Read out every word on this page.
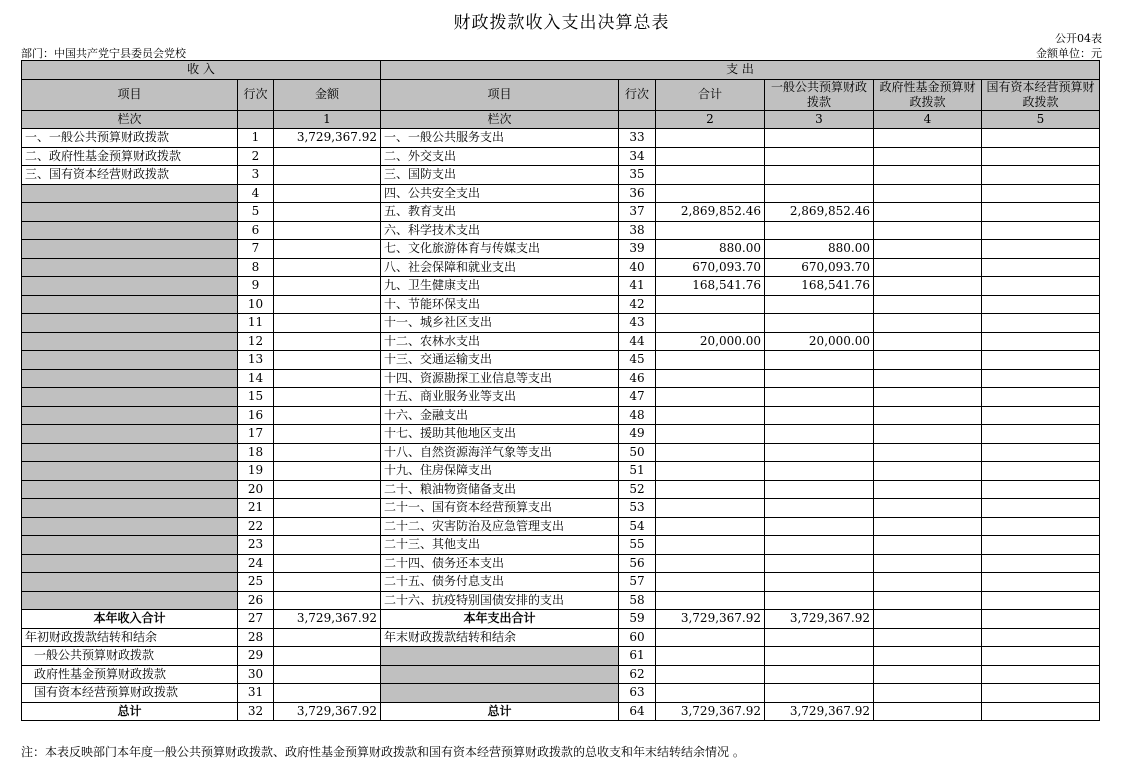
财政拨款收入支出决算总表
公开04表
部门：中国共产党宁县委员会党校	金额单位：元
收 入			支 出					
项目	行次	金额	项目	行次	合计	一般公共预算财政拨款	政府性基金预算财政拨款	国有资本经营预算财政拨款
栏次		1	栏次		2	3	4	5
一、一般公共预算财政拨款	1	3,729,367.92	一、一般公共服务支出	33				
二、政府性基金预算财政拨款	2		二、外交支出	34				
三、国有资本经营财政拨款	3		三、国防支出	35				
	4		四、公共安全支出	36				
	5		五、教育支出	37	2,869,852.46	2,869,852.46		
	6		六、科学技术支出	38				
	7		七、文化旅游体育与传媒支出	39	880.00	880.00		
	8		八、社会保障和就业支出	40	670,093.70	670,093.70		
	9		九、卫生健康支出	41	168,541.76	168,541.76		
	10		十、节能环保支出	42				
	11		十一、城乡社区支出	43				
	12		十二、农林水支出	44	20,000.00	20,000.00		
	13		十三、交通运输支出	45				
	14		十四、资源勘探工业信息等支出	46				
	15		十五、商业服务业等支出	47				
	16		十六、金融支出	48				
	17		十七、援助其他地区支出	49				
	18		十八、自然资源海洋气象等支出	50				
	19		十九、住房保障支出	51				
	20		二十、粮油物资储备支出	52				
	21		二十一、国有资本经营预算支出	53				
	22		二十二、灾害防治及应急管理支出	54				
	23		二十三、其他支出	55				
	24		二十四、债务还本支出	56				
	25		二十五、债务付息支出	57				
	26		二十六、抗疫特别国债安排的支出	58				
本年收入合计	27	3,729,367.92	本年支出合计	59	3,729,367.92	3,729,367.92		
年初财政拨款结转和结余	28		年末财政拨款结转和结余	60				
一般公共预算财政拨款	29			61				
政府性基金预算财政拨款	30			62				
国有资本经营预算财政拨款	31			63				
总计	32	3,729,367.92	总计	64	3,729,367.92	3,729,367.92		
注：本表反映部门本年度一般公共预算财政拨款、政府性基金预算财政拨款和国有资本经营预算财政拨款的总收支和年末结转结余情况 。
